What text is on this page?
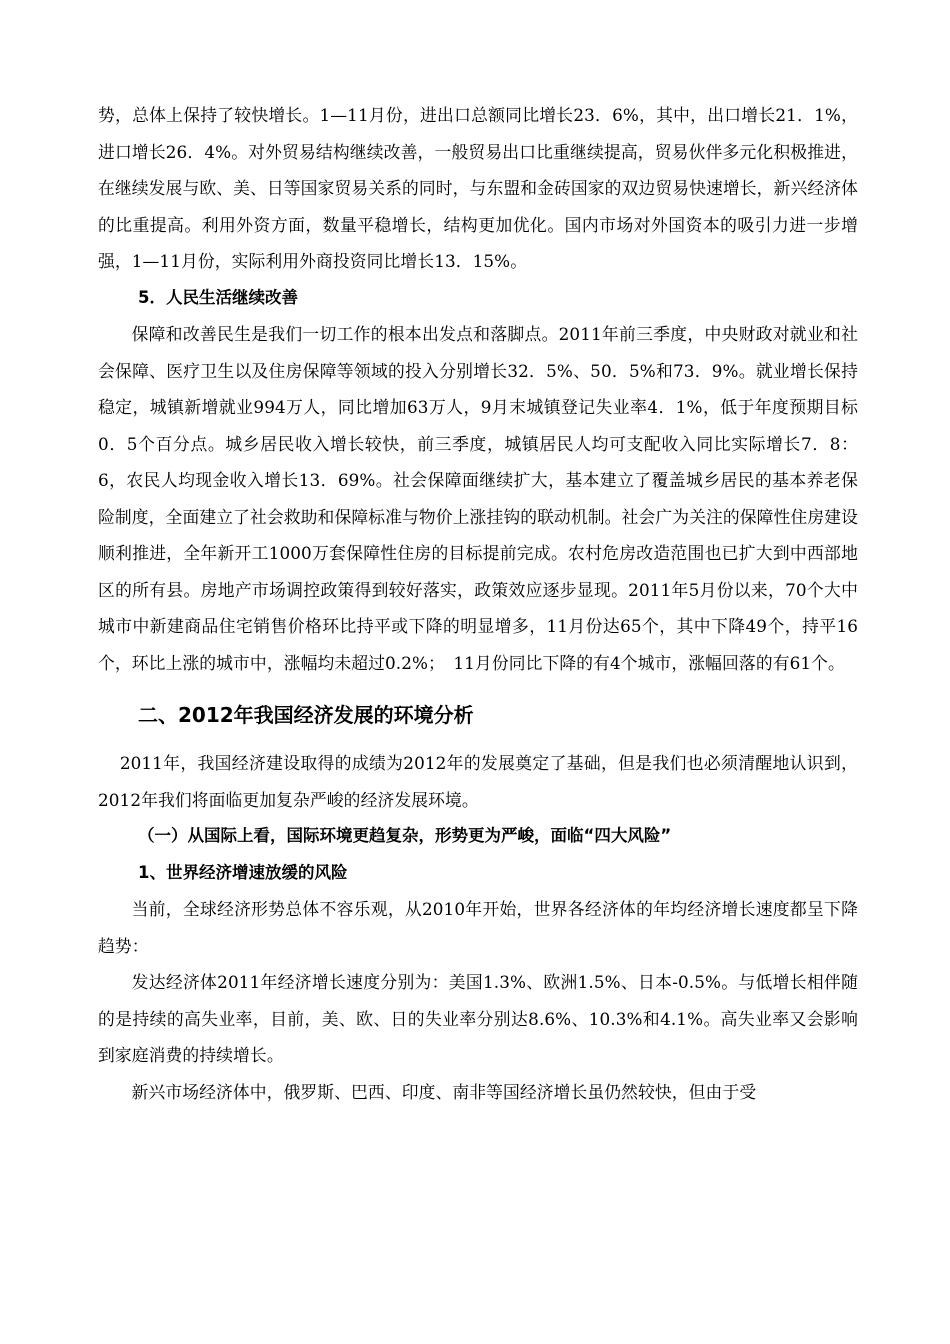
势，总体上保持了较快增长。1—11月份，进出口总额同比增长23．6%，其中，出口增长21．1%，进口增长26．4%。对外贸易结构继续改善，一般贸易出口比重继续提高，贸易伙伴多元化积极推进，在继续发展与欧、美、日等国家贸易关系的同时，与东盟和金砖国家的双边贸易快速增长，新兴经济体的比重提高。利用外资方面，数量平稳增长，结构更加优化。国内市场对外国资本的吸引力进一步增强，1—11月份，实际利用外商投资同比增长13．15%。

5．人民生活继续改善

保障和改善民生是我们一切工作的根本出发点和落脚点。2011年前三季度，中央财政对就业和社会保障、医疗卫生以及住房保障等领域的投入分别增长32．5%、50．5%和73．9%。就业增长保持稳定，城镇新增就业994万人，同比增加63万人，9月末城镇登记失业率4．1%，低于年度预期目标0．5个百分点。城乡居民收入增长较快，前三季度，城镇居民人均可支配收入同比实际增长7．8：6，农民人均现金收入增长13．69%。社会保障面继续扩大，基本建立了覆盖城乡居民的基本养老保险制度，全面建立了社会救助和保障标准与物价上涨挂钩的联动机制。社会广为关注的保障性住房建设顺利推进，全年新开工1000万套保障性住房的目标提前完成。农村危房改造范围也已扩大到中西部地区的所有县。房地产市场调控政策得到较好落实，政策效应逐步显现。2011年5月份以来，70个大中城市中新建商品住宅销售价格环比持平或下降的明显增多，11月份达65个，其中下降49个，持平16个，环比上涨的城市中，涨幅均未超过0.2%；　11月份同比下降的有4个城市，涨幅回落的有61个。

二、2012年我国经济发展的环境分析

2011年，我国经济建设取得的成绩为2012年的发展奠定了基础，但是我们也必须清醒地认识到，2012年我们将面临更加复杂严峻的经济发展环境。

（一）从国际上看，国际环境更趋复杂，形势更为严峻，面临“四大风险”
1、世界经济增速放缓的风险

当前，全球经济形势总体不容乐观，从2010年开始，世界各经济体的年均经济增长速度都呈下降趋势：

发达经济体2011年经济增长速度分别为：美国1.3%、欧洲1.5%、日本-0.5%。与低增长相伴随的是持续的高失业率，目前，美、欧、日的失业率分别达8.6%、10.3%和4.1%。高失业率又会影响到家庭消费的持续增长。

新兴市场经济体中，俄罗斯、巴西、印度、南非等国经济增长虽仍然较快，但由于受
